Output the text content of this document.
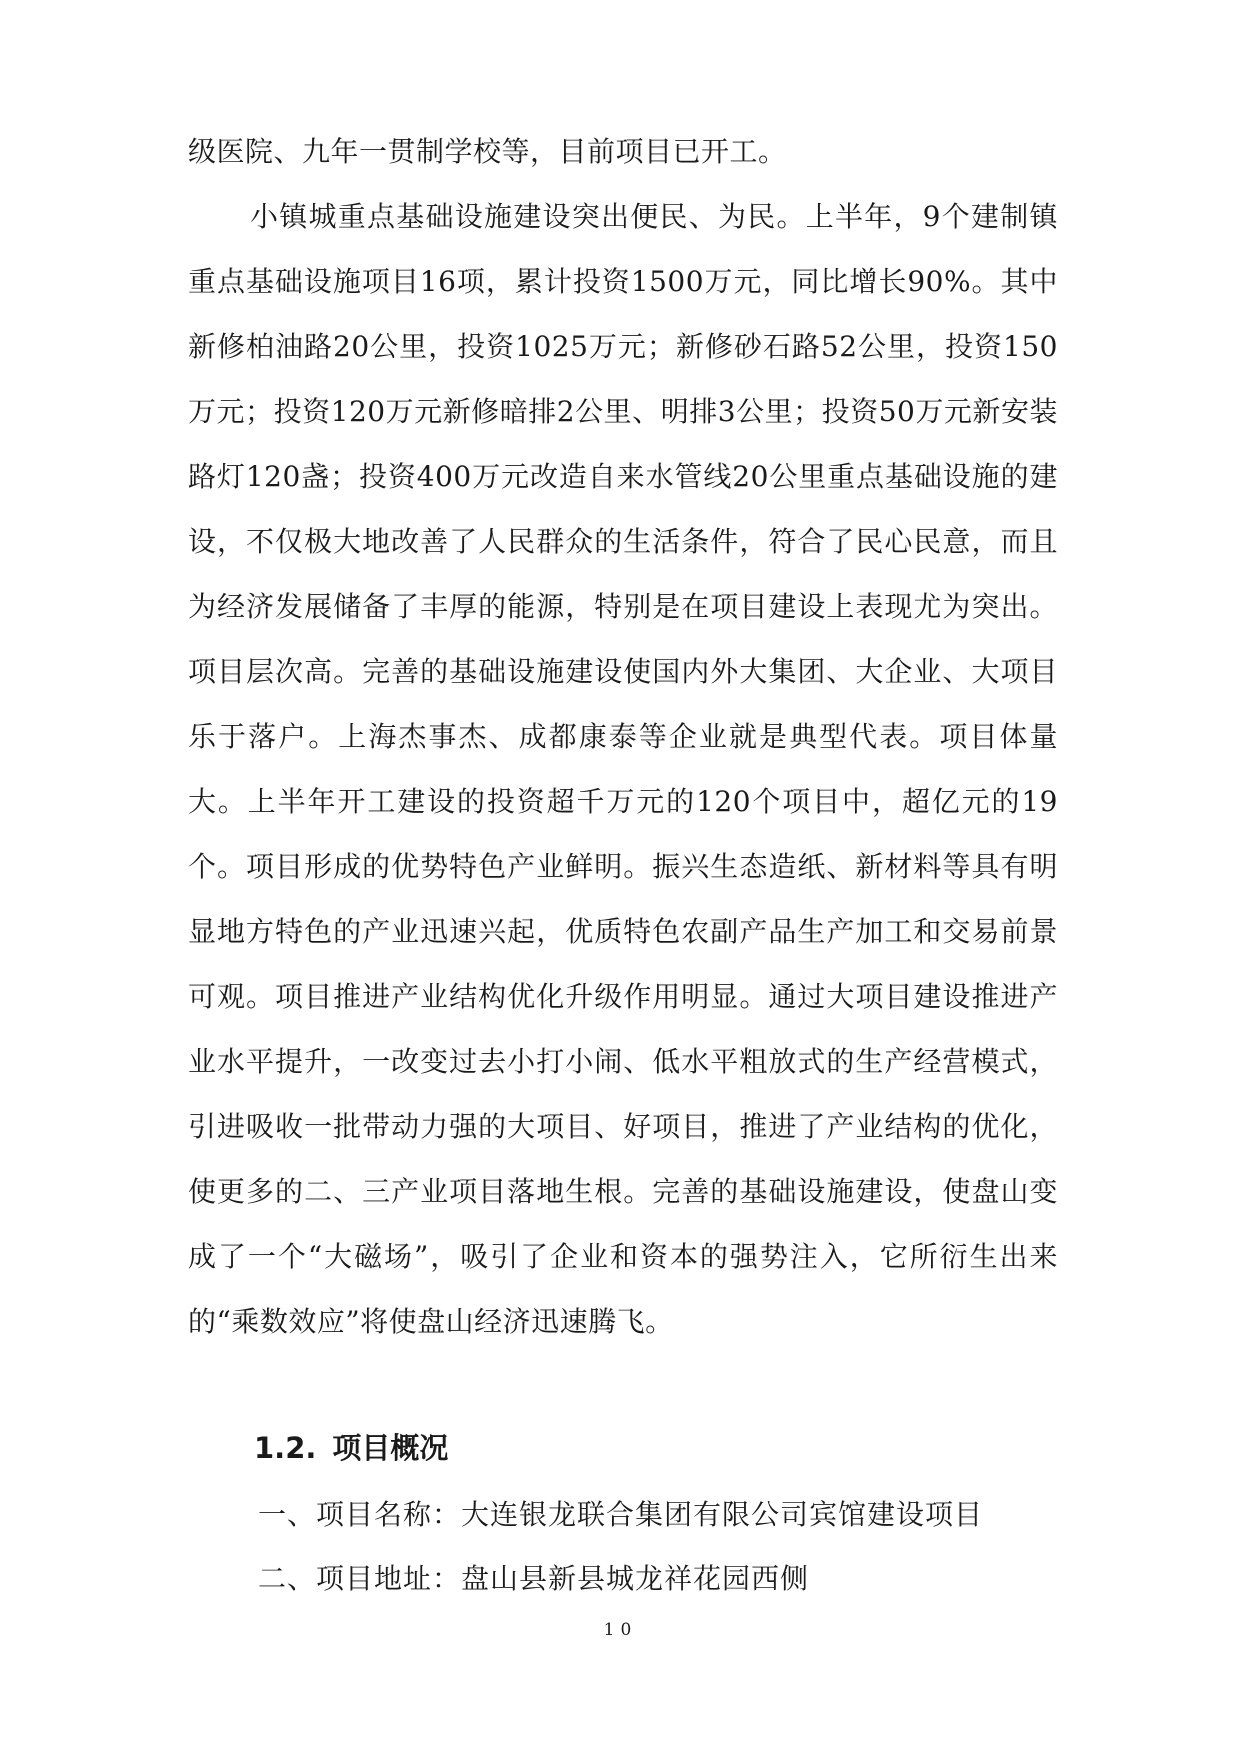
级医院、九年一贯制学校等，目前项目已开工。

小镇城重点基础设施建设突出便民、为民。上半年，9个建制镇重点基础设施项目16项，累计投资1500万元，同比增长90%。其中新修柏油路20公里，投资1025万元；新修砂石路52公里，投资150万元；投资120万元新修暗排2公里、明排3公里；投资50万元新安装路灯120盏；投资400万元改造自来水管线20公里重点基础设施的建设，不仅极大地改善了人民群众的生活条件，符合了民心民意，而且为经济发展储备了丰厚的能源，特别是在项目建设上表现尤为突出。项目层次高。完善的基础设施建设使国内外大集团、大企业、大项目乐于落户。上海杰事杰、成都康泰等企业就是典型代表。项目体量大。上半年开工建设的投资超千万元的120个项目中，超亿元的19个。项目形成的优势特色产业鲜明。振兴生态造纸、新材料等具有明显地方特色的产业迅速兴起，优质特色农副产品生产加工和交易前景可观。项目推进产业结构优化升级作用明显。通过大项目建设推进产业水平提升，一改变过去小打小闹、低水平粗放式的生产经营模式，引进吸收一批带动力强的大项目、好项目，推进了产业结构的优化，使更多的二、三产业项目落地生根。完善的基础设施建设，使盘山变成了一个“大磁场”，吸引了企业和资本的强势注入，它所衍生出来的“乘数效应”将使盘山经济迅速腾飞。

1.2. 项目概况

一、项目名称：大连银龙联合集团有限公司宾馆建设项目

二、项目地址：盘山县新县城龙祥花园西侧

10
